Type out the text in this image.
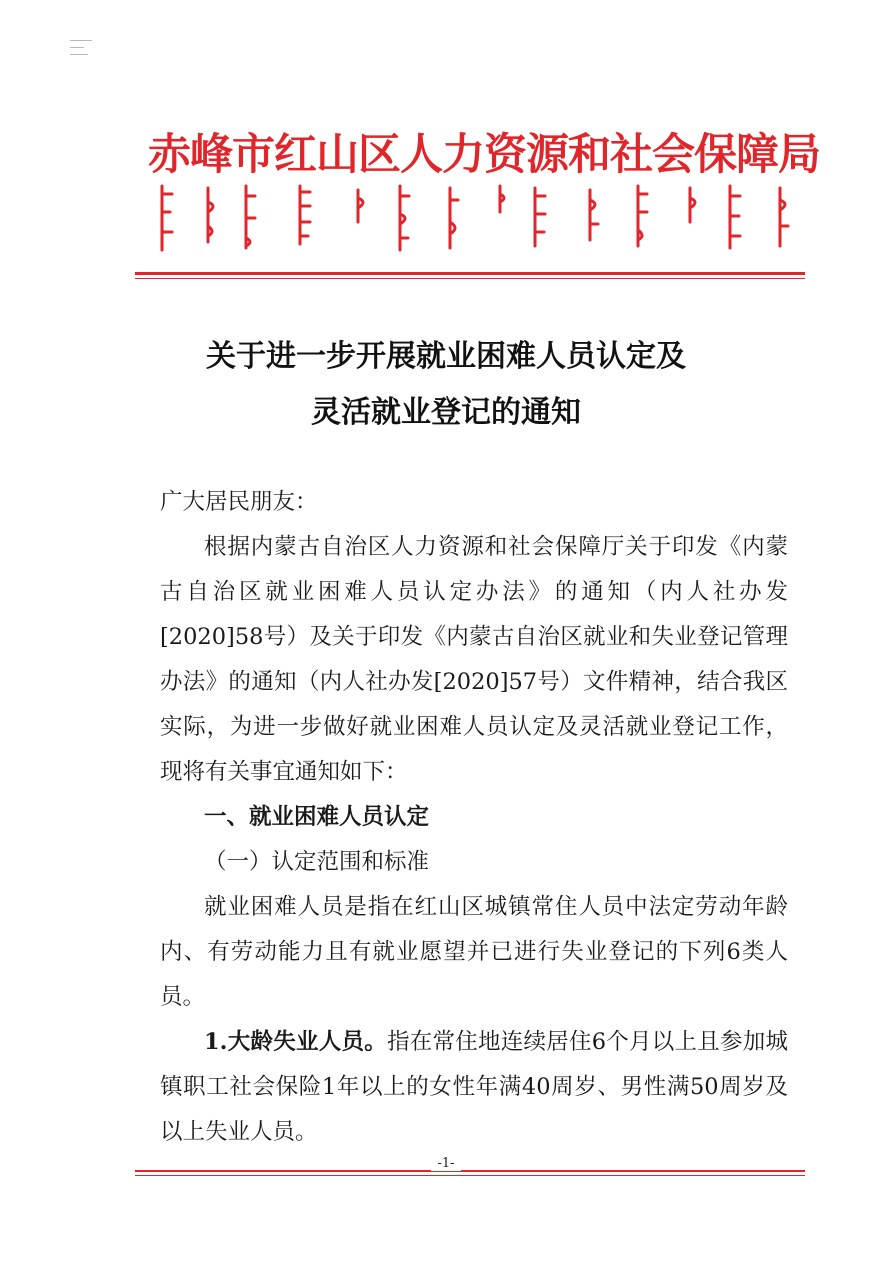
赤峰市红山区人力资源和社会保障局
关于进一步开展就业困难人员认定及
灵活就业登记的通知

广大居民朋友：

根据内蒙古自治区人力资源和社会保障厅关于印发《内蒙古自治区就业困难人员认定办法》的通知（内人社办发[2020]58号）及关于印发《内蒙古自治区就业和失业登记管理办法》的通知（内人社办发[2020]57号）文件精神，结合我区实际，为进一步做好就业困难人员认定及灵活就业登记工作，现将有关事宜通知如下：

一、就业困难人员认定

（一）认定范围和标准

就业困难人员是指在红山区城镇常住人员中法定劳动年龄内、有劳动能力且有就业愿望并已进行失业登记的下列6类人员。

1.大龄失业人员。指在常住地连续居住6个月以上且参加城镇职工社会保险1年以上的女性年满40周岁、男性满50周岁及以上失业人员。

-1-
